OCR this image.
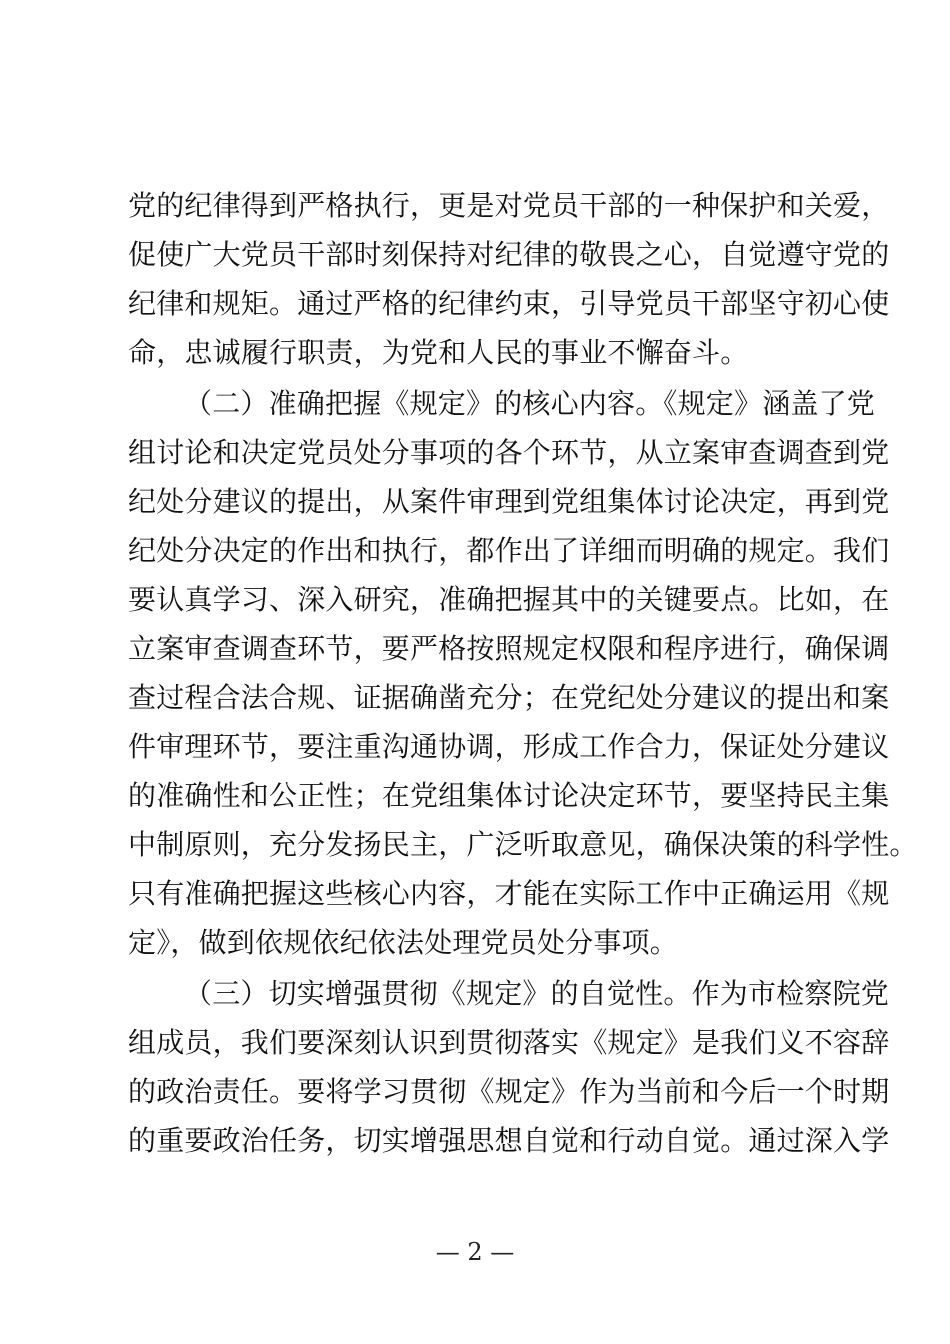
党的纪律得到严格执行，更是对党员干部的一种保护和关爱，
促使广大党员干部时刻保持对纪律的敬畏之心，自觉遵守党的
纪律和规矩。通过严格的纪律约束，引导党员干部坚守初心使
命，忠诚履行职责，为党和人民的事业不懈奋斗。
（二）准确把握《规定》的核心内容。《规定》涵盖了党
组讨论和决定党员处分事项的各个环节，从立案审查调查到党
纪处分建议的提出，从案件审理到党组集体讨论决定，再到党
纪处分决定的作出和执行，都作出了详细而明确的规定。我们
要认真学习、深入研究，准确把握其中的关键要点。比如，在
立案审查调查环节，要严格按照规定权限和程序进行，确保调
查过程合法合规、证据确凿充分；在党纪处分建议的提出和案
件审理环节，要注重沟通协调，形成工作合力，保证处分建议
的准确性和公正性；在党组集体讨论决定环节，要坚持民主集
中制原则，充分发扬民主，广泛听取意见，确保决策的科学性。
只有准确把握这些核心内容，才能在实际工作中正确运用《规
定》，做到依规依纪依法处理党员处分事项。
（三）切实增强贯彻《规定》的自觉性。作为市检察院党
组成员，我们要深刻认识到贯彻落实《规定》是我们义不容辞
的政治责任。要将学习贯彻《规定》作为当前和今后一个时期
的重要政治任务，切实增强思想自觉和行动自觉。通过深入学
— 2 —
